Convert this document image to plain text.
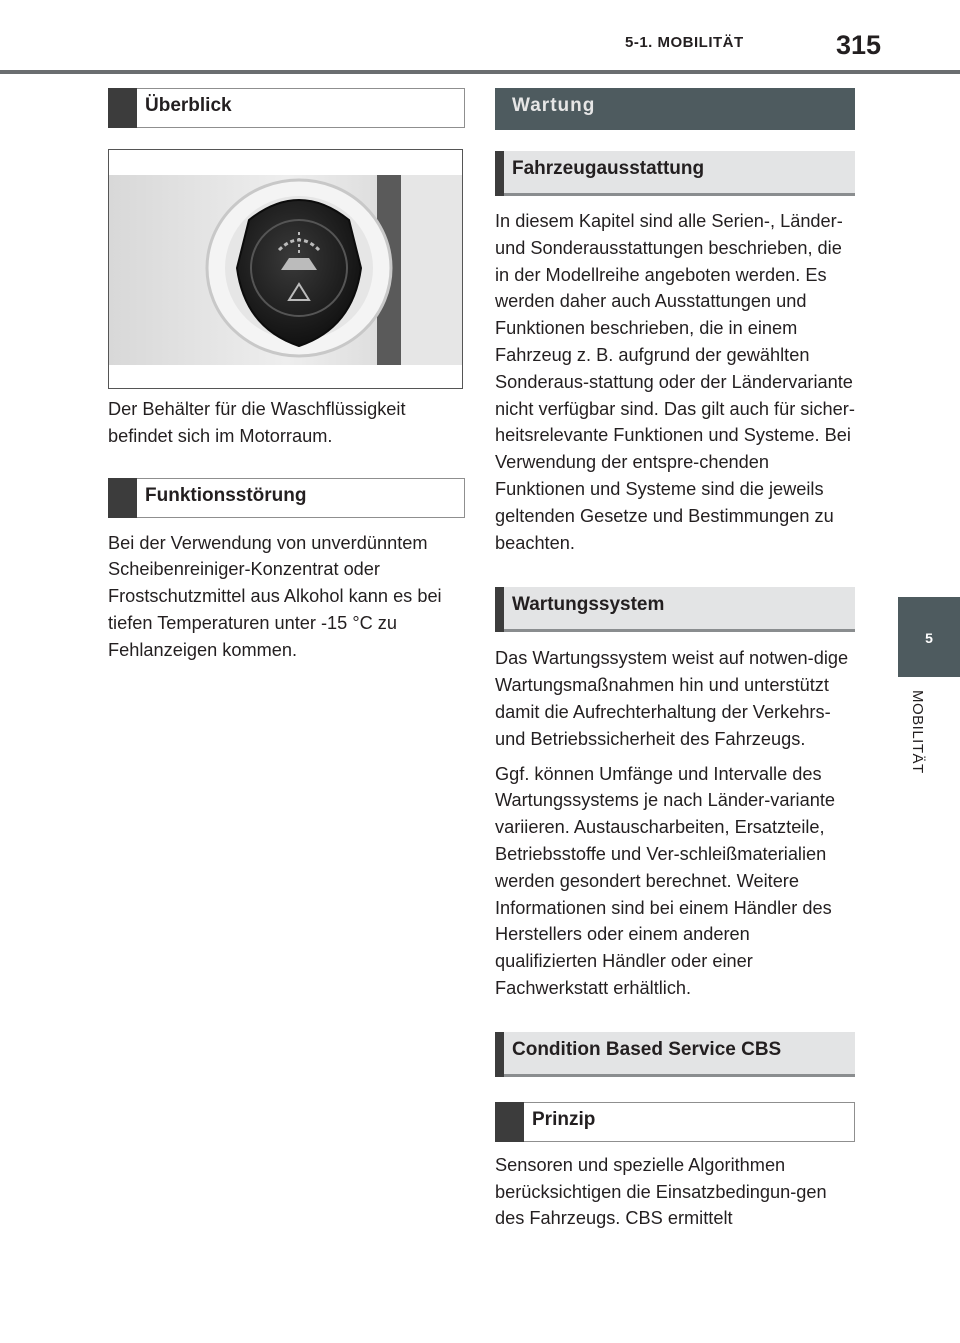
5-1. MOBILITÄT	315
5
MOBILITÄT
Überblick

Der Behälter für die Waschflüssigkeit befindet sich im Motorraum.

Funktionsstörung

Bei der Verwendung von unverdünntem Scheibenreiniger-Konzentrat oder Frostschutzmittel aus Alkohol kann es bei tiefen Temperaturen unter -15 °C zu Fehlanzeigen kommen.

Wartung
Fahrzeugausstattung

In diesem Kapitel sind alle Serien-, Länder- und Sonderausstattungen beschrieben, die in der Modellreihe angeboten werden. Es werden daher auch Ausstattungen und Funktionen beschrieben, die in einem Fahrzeug z. B. aufgrund der gewählten Sonderaus-stattung oder der Ländervariante nicht verfügbar sind. Das gilt auch für sicher-heitsrelevante Funktionen und Systeme. Bei Verwendung der entspre-chenden Funktionen und Systeme sind die jeweils geltenden Gesetze und Bestimmungen zu beachten.

Wartungssystem

Das Wartungssystem weist auf notwen-dige Wartungsmaßnahmen hin und unterstützt damit die Aufrechterhaltung der Verkehrs- und Betriebssicherheit des Fahrzeugs.

Ggf. können Umfänge und Intervalle des Wartungssystems je nach Länder-variante variieren. Austauscharbeiten, Ersatzteile, Betriebsstoffe und Ver-schleißmaterialien werden gesondert berechnet. Weitere Informationen sind bei einem Händler des Herstellers oder einem anderen qualifizierten Händler oder einer Fachwerkstatt erhältlich.

Condition Based Service CBS
Prinzip

Sensoren und spezielle Algorithmen berücksichtigen die Einsatzbedingun-gen des Fahrzeugs. CBS ermittelt
